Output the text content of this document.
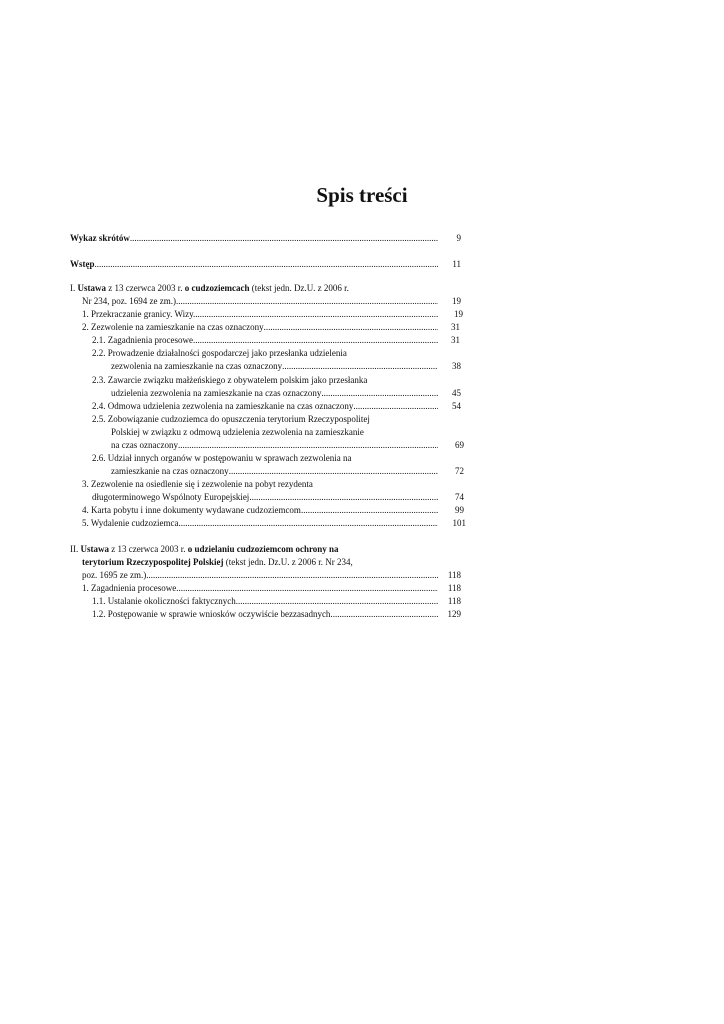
Spis treści
Wykaz skrótów .....	9
Wstęp .....	11
I. Ustawa z 13 czerwca 2003 r. o cudzoziemcach (tekst jedn. Dz.U. z 2006 r.
Nr 234, poz. 1694 ze zm.). .....	19
1. Przekraczanie granicy. Wizy. .....	19
2. Zezwolenie na zamieszkanie na czas oznaczony .....	31
2.1. Zagadnienia procesowe. .....	31
2.2. Prowadzenie działalności gospodarczej jako przesłanka udzielenia
zezwolenia na zamieszkanie na czas oznaczony .....	38
2.3. Zawarcie związku małżeńskiego z obywatelem polskim jako przesłanka
udzielenia zezwolenia na zamieszkanie na czas oznaczony .....	45
2.4. Odmowa udzielenia zezwolenia na zamieszkanie na czas oznaczony .....	54
2.5. Zobowiązanie cudzoziemca do opuszczenia terytorium Rzeczypospolitej
Polskiej w związku z odmową udzielenia zezwolenia na zamieszkanie
na czas oznaczony .....	69
2.6. Udział innych organów w postępowaniu w sprawach zezwolenia na
zamieszkanie na czas oznaczony .....	72
3. Zezwolenie na osiedlenie się i zezwolenie na pobyt rezydenta
długoterminowego Wspólnoty Europejskiej .....	74
4. Karta pobytu i inne dokumenty wydawane cudzoziemcom .....	99
5. Wydalenie cudzoziemca .....	101
II. Ustawa z 13 czerwca 2003 r. o udzielaniu cudzoziemcom ochrony na
terytorium Rzeczypospolitej Polskiej (tekst jedn. Dz.U. z 2006 r. Nr 234,
poz. 1695 ze zm.). .....	118
1. Zagadnienia procesowe .....	118
1.1. Ustalanie okoliczności faktycznych. .....	118
1.2. Postępowanie w sprawie wniosków oczywiście bezzasadnych. .....	129
